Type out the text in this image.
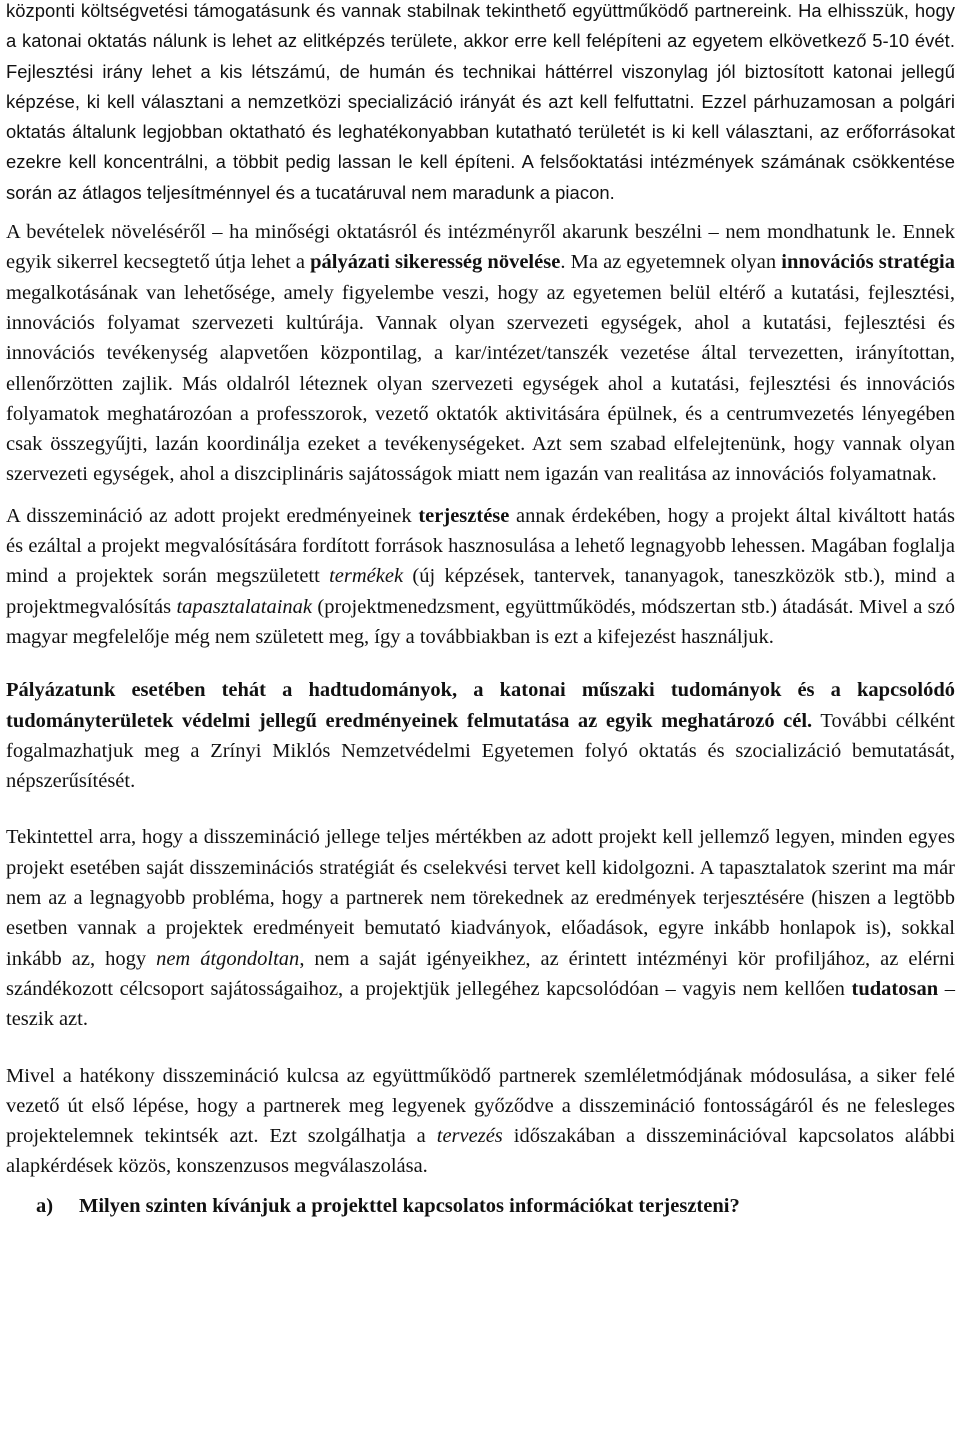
központi költségvetési támogatásunk és vannak stabilnak tekinthető együttműködő partnereink. Ha elhisszük, hogy a katonai oktatás nálunk is lehet az elitképzés területe, akkor erre kell felépíteni az egyetem elkövetkező 5-10 évét. Fejlesztési irány lehet a kis létszámú, de humán és technikai háttérrel viszonylag jól biztosított katonai jellegű képzése, ki kell választani a nemzetközi specializáció irányát és azt kell felfuttatni. Ezzel párhuzamosan a polgári oktatás általunk legjobban oktatható és leghatékonyabban kutatható területét is ki kell választani, az erőforrásokat ezekre kell koncentrálni, a többit pedig lassan le kell építeni. A felsőoktatási intézmények számának csökkentése során az átlagos teljesítménnyel és a tucatáruval nem maradunk a piacon.

A bevételek növeléséről – ha minőségi oktatásról és intézményről akarunk beszélni – nem mondhatunk le. Ennek egyik sikerrel kecsegtető útja lehet a pályázati sikeresség növelése. Ma az egyetemnek olyan innovációs stratégia megalkotásának van lehetősége, amely figyelembe veszi, hogy az egyetemen belül eltérő a kutatási, fejlesztési, innovációs folyamat szervezeti kultúrája. Vannak olyan szervezeti egységek, ahol a kutatási, fejlesztési és innovációs tevékenység alapvetően központilag, a kar/intézet/tanszék vezetése által tervezetten, irányítottan, ellenőrzötten zajlik. Más oldalról léteznek olyan szervezeti egységek ahol a kutatási, fejlesztési és innovációs folyamatok meghatározóan a professzorok, vezető oktatók aktivitására épülnek, és a centrumvezetés lényegében csak összegyűjti, lazán koordinálja ezeket a tevékenységeket. Azt sem szabad elfelejtenünk, hogy vannak olyan szervezeti egységek, ahol a diszciplináris sajátosságok miatt nem igazán van realitása az innovációs folyamatnak.

A disszemináció az adott projekt eredményeinek terjesztése annak érdekében, hogy a projekt által kiváltott hatás és ezáltal a projekt megvalósítására fordított források hasznosulása a lehető legnagyobb lehessen. Magában foglalja mind a projektek során megszületett termékek (új képzések, tantervek, tananyagok, taneszközök stb.), mind a projektmegvalósítás tapasztalatainak (projektmenedzsment, együttműködés, módszertan stb.) átadását. Mivel a szó magyar megfelelője még nem született meg, így a továbbiakban is ezt a kifejezést használjuk.

Pályázatunk esetében tehát a hadtudományok, a katonai műszaki tudományok és a kapcsolódó tudományterületek védelmi jellegű eredményeinek felmutatása az egyik meghatározó cél. További célként fogalmazhatjuk meg a Zrínyi Miklós Nemzetvédelmi Egyetemen folyó oktatás és szocializáció bemutatását, népszerűsítését.

Tekintettel arra, hogy a disszemináció jellege teljes mértékben az adott projekt kell jellemző legyen, minden egyes projekt esetében saját disszeminációs stratégiát és cselekvési tervet kell kidolgozni. A tapasztalatok szerint ma már nem az a legnagyobb probléma, hogy a partnerek nem törekednek az eredmények terjesztésére (hiszen a legtöbb esetben vannak a projektek eredményeit bemutató kiadványok, előadások, egyre inkább honlapok is), sokkal inkább az, hogy nem átgondoltan, nem a saját igényeikhez, az érintett intézményi kör profiljához, az elérni szándékozott célcsoport sajátosságaihoz, a projektjük jellegéhez kapcsolódóan – vagyis nem kellően tudatosan – teszik azt.

Mivel a hatékony disszemináció kulcsa az együttműködő partnerek szemléletmódjának módosulása, a siker felé vezető út első lépése, hogy a partnerek meg legyenek győződve a disszemináció fontosságáról és ne felesleges projektelemnek tekintsék azt. Ezt szolgálhatja a tervezés időszakában a disszeminációval kapcsolatos alábbi alapkérdések közös, konszenzusos megválaszolása.

a) Milyen szinten kívánjuk a projekttel kapcsolatos információkat terjeszteni?
